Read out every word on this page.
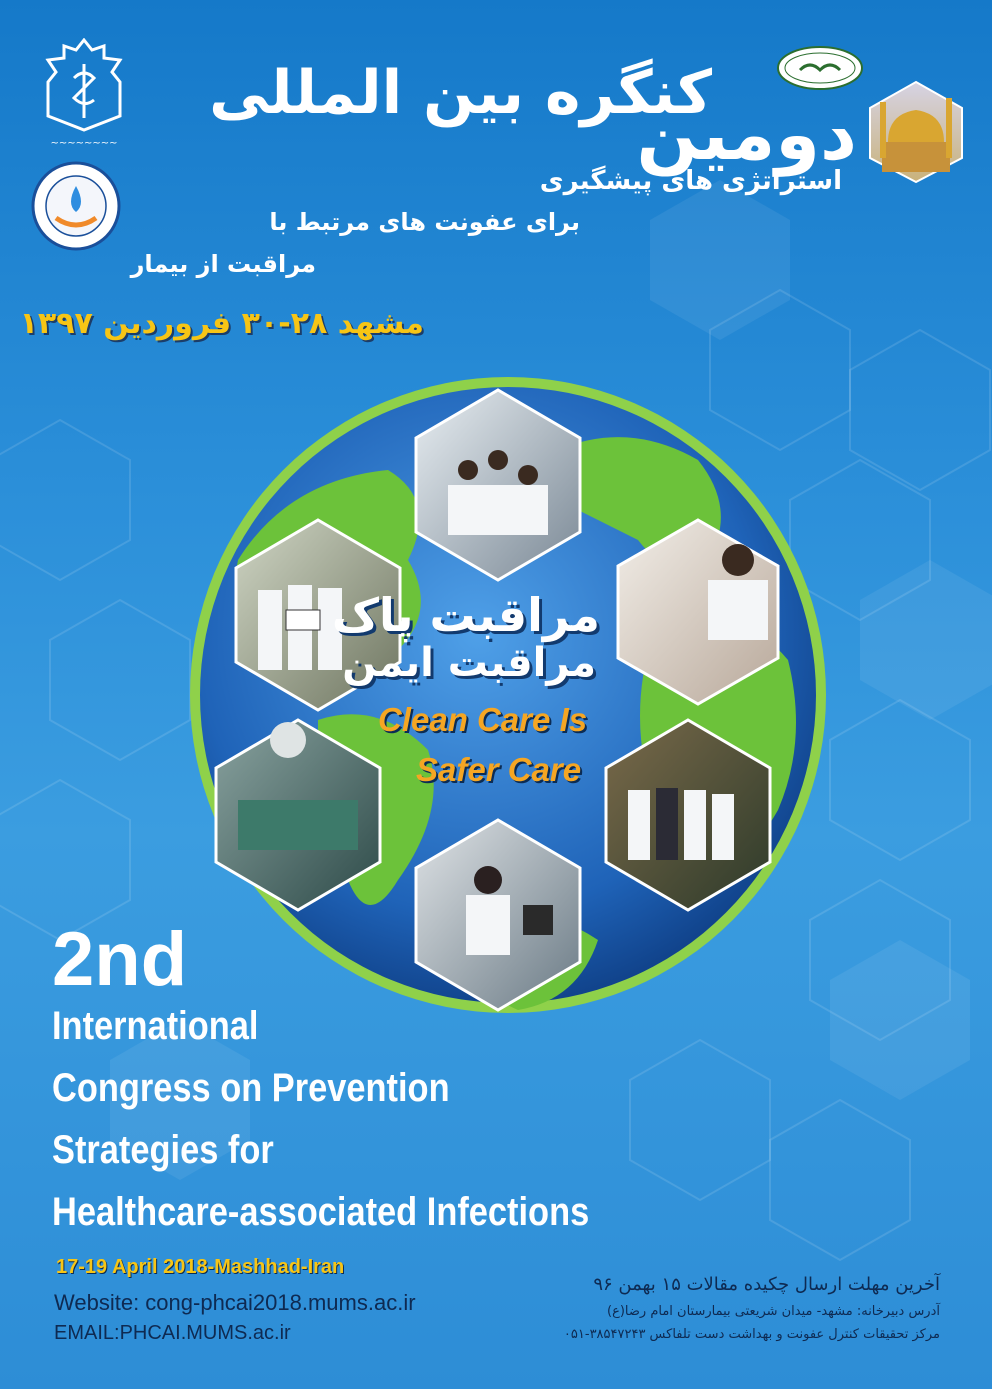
~~~~~~~~
کنگره بین المللی
دومین
استراتژی های پیشگیری
برای عفونت های مرتبط با
مراقبت از بیمار
مشهد ۲۸-۳۰ فروردین ۱۳۹۷
مراقبت پاک
مراقبت ایمن
Clean Care Is
Safer Care
2nd
International
Congress on Prevention
Strategies for
Healthcare-associated Infections
17-19 April 2018-Mashhad-Iran
Website: cong-phcai2018.mums.ac.ir
EMAIL:PHCAI.MUMS.ac.ir
آخرین مهلت ارسال چکیده مقالات ۱۵ بهمن ۹۶
آدرس دبیرخانه: مشهد- میدان شریعتی بیمارستان امام رضا(ع)
مرکز تحقیقات کنترل عفونت و بهداشت دست تلفاکس ۳۸۵۴۷۲۴۳-۰۵۱
